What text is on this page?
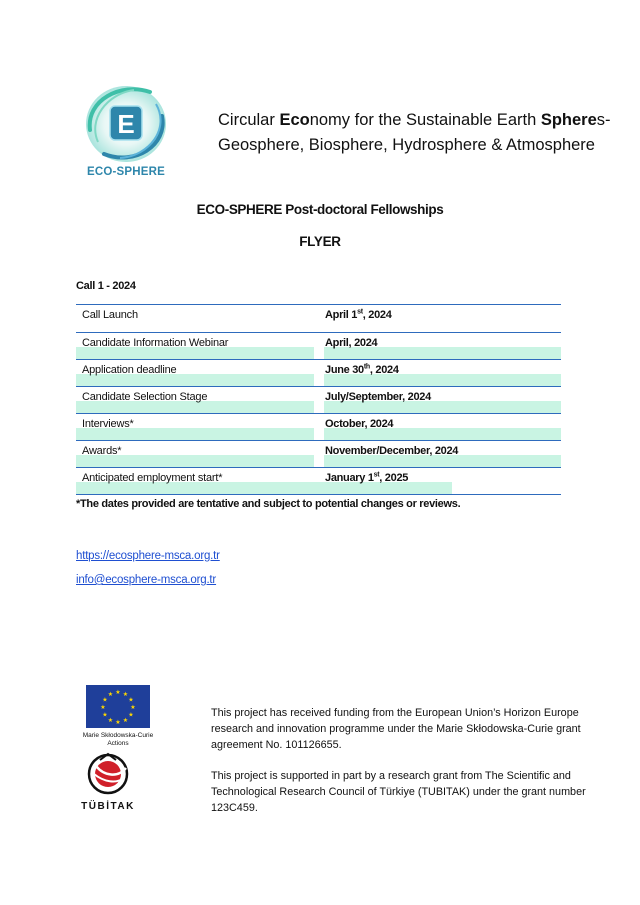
E
ECO-SPHERE
Circular Economy for the Sustainable Earth Spheres-
Geosphere, Biosphere, Hydrosphere & Atmosphere
ECO-SPHERE Post-doctoral Fellowships
FLYER
Call 1 - 2024
Call Launch	April 1st, 2024
Candidate Information Webinar	April, 2024
Application deadline	June 30th, 2024
Candidate Selection Stage	July/September, 2024
Interviews*	October, 2024
Awards*	November/December, 2024
Anticipated employment start*	January 1st, 2025
*The dates provided are tentative and subject to potential changes or reviews.
https://ecosphere-msca.org.tr
info@ecosphere-msca.org.tr
★ ★
★
★
★
★
★
★
★
★
★
★
Marie Skłodowska-Curie Actions
TÜBİTAK
This project has received funding from the European Union’s Horizon Europe research and innovation programme under the Marie Skłodowska-Curie grant agreement No. 101126655.
This project is supported in part by a research grant from The Scientific and Technological Research Council of Türkiye (TUBITAK) under the grant number 123C459.
